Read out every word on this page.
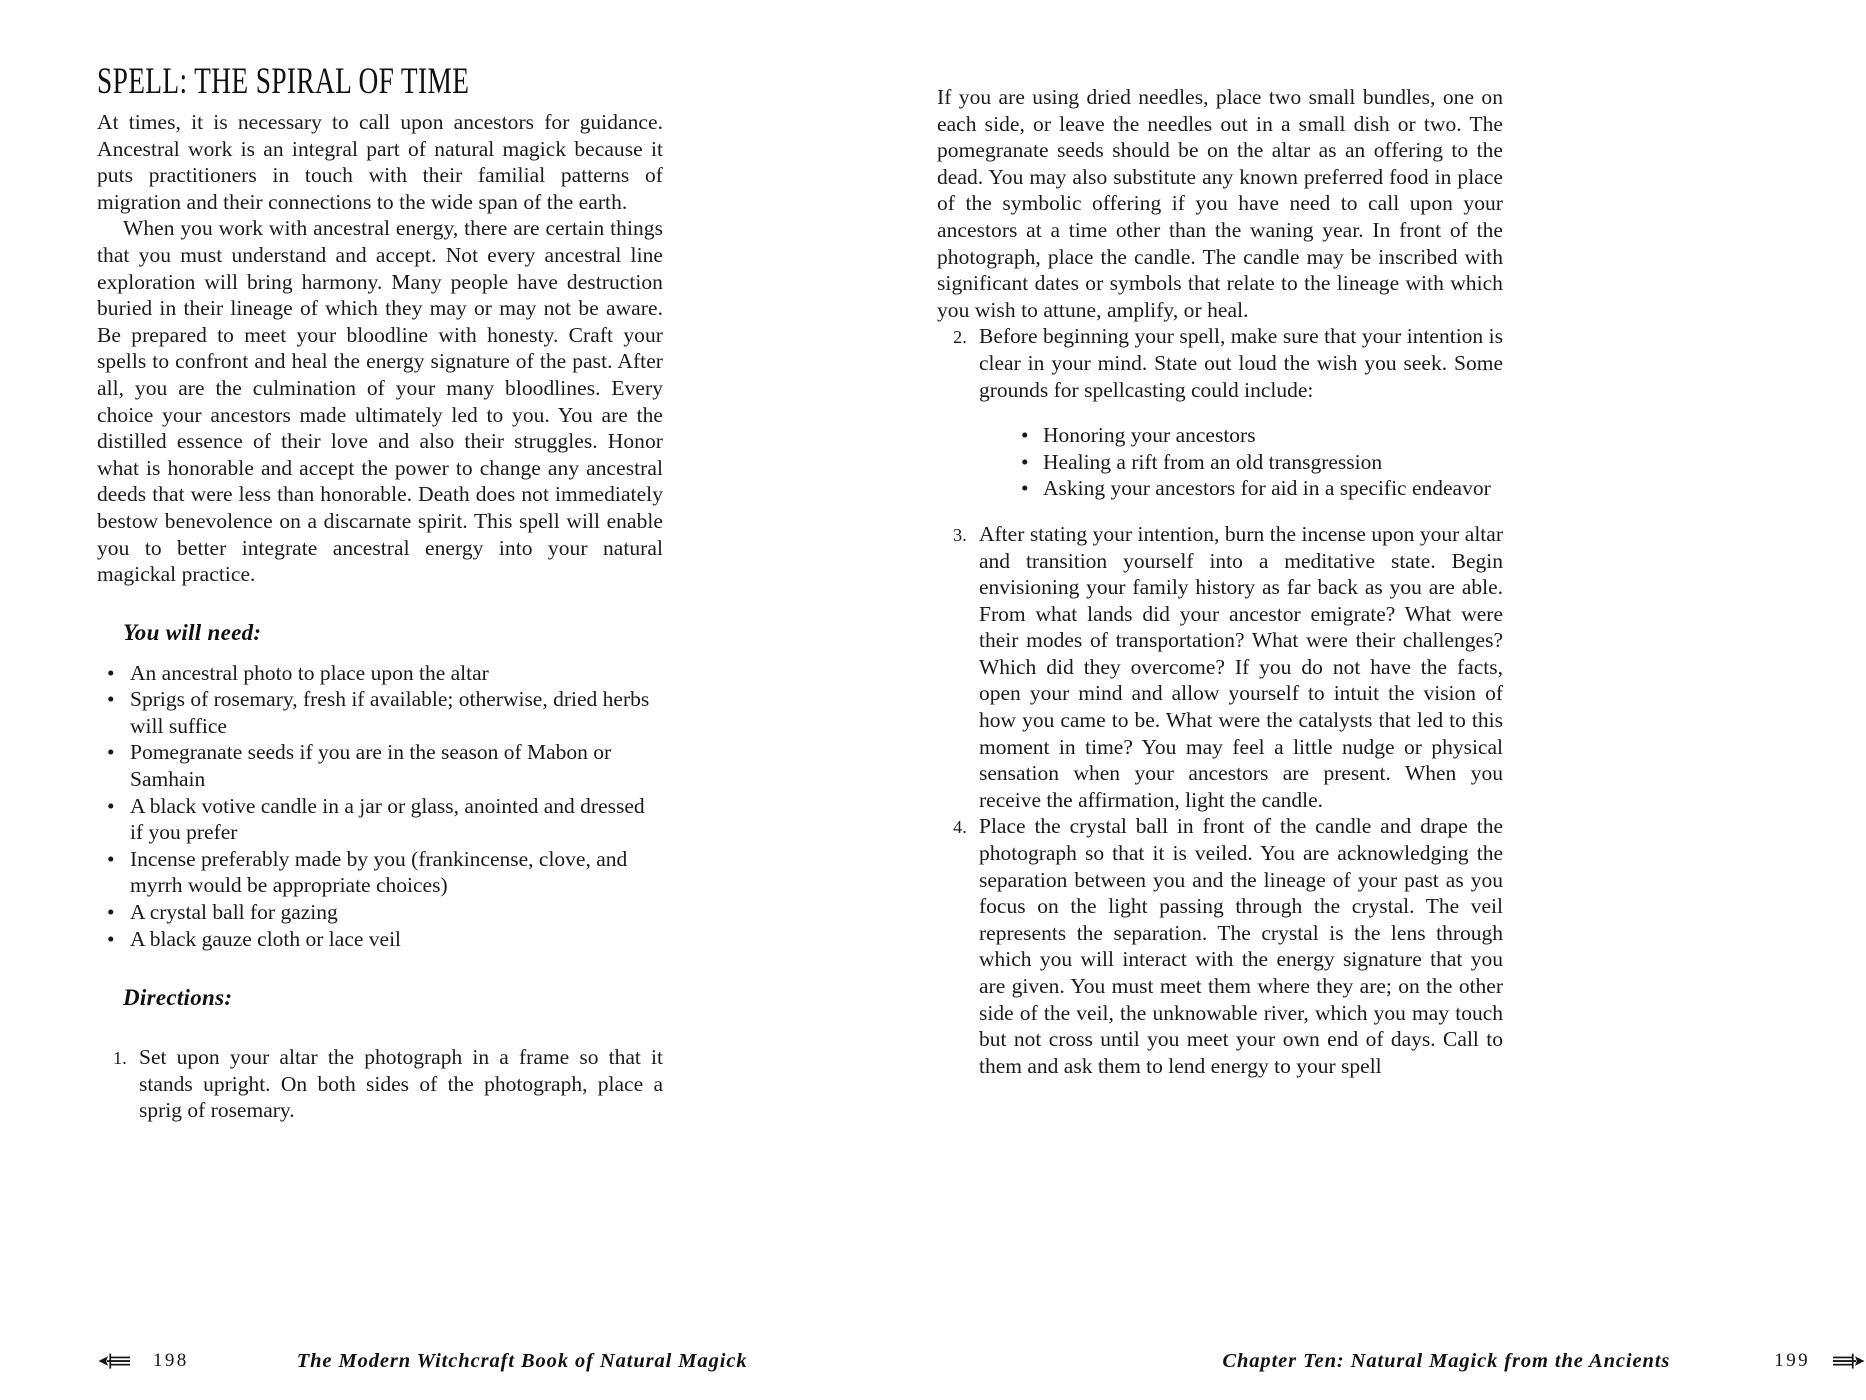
SPELL: THE SPIRAL OF TIME

At times, it is necessary to call upon ancestors for guidance. Ancestral work is an integral part of natural magick because it puts practitioners in touch with their familial patterns of migration and their connections to the wide span of the earth.

When you work with ancestral energy, there are certain things that you must understand and accept. Not every ancestral line exploration will bring harmony. Many people have destruction buried in their lineage of which they may or may not be aware. Be prepared to meet your bloodline with honesty. Craft your spells to confront and heal the energy signature of the past. After all, you are the culmination of your many bloodlines. Every choice your ancestors made ultimately led to you. You are the distilled essence of their love and also their struggles. Honor what is honorable and accept the power to change any ancestral deeds that were less than honorable. Death does not immediately bestow benevolence on a discarnate spirit. This spell will enable you to better integrate ancestral energy into your natural magickal practice.

You will need:
• An ancestral photo to place upon the altar
• Sprigs of rosemary, fresh if available; otherwise, dried herbs will suffice
• Pomegranate seeds if you are in the season of Mabon or Samhain
• A black votive candle in a jar or glass, anointed and dressed if you prefer
• Incense preferably made by you (frankincense, clove, and myrrh would be appropriate choices)
• A crystal ball for gazing
• A black gauze cloth or lace veil
Directions:
1. Set upon your altar the photograph in a frame so that it stands upright. On both sides of the photograph, place a sprig of rosemary.
198	The Modern Witchcraft Book of Natural Magick

If you are using dried needles, place two small bundles, one on each side, or leave the needles out in a small dish or two. The pomegranate seeds should be on the altar as an offering to the dead. You may also substitute any known preferred food in place of the symbolic offering if you have need to call upon your ancestors at a time other than the waning year. In front of the photograph, place the candle. The candle may be inscribed with significant dates or symbols that relate to the lineage with which you wish to attune, amplify, or heal.

2. Before beginning your spell, make sure that your intention is clear in your mind. State out loud the wish you seek. Some grounds for spellcasting could include:
• Honoring your ancestors
• Healing a rift from an old transgression
• Asking your ancestors for aid in a specific endeavor
3. After stating your intention, burn the incense upon your altar and transition yourself into a meditative state. Begin envisioning your family history as far back as you are able. From what lands did your ancestor emigrate? What were their modes of transportation? What were their challenges? Which did they overcome? If you do not have the facts, open your mind and allow yourself to intuit the vision of how you came to be. What were the catalysts that led to this moment in time? You may feel a little nudge or physical sensation when your ancestors are present. When you receive the affirmation, light the candle.
4. Place the crystal ball in front of the candle and drape the photograph so that it is veiled. You are acknowledging the separation between you and the lineage of your past as you focus on the light passing through the crystal. The veil represents the separation. The crystal is the lens through which you will interact with the energy signature that you are given. You must meet them where they are; on the other side of the veil, the unknowable river, which you may touch but not cross until you meet your own end of days. Call to them and ask them to lend energy to your spell
Chapter Ten: Natural Magick from the Ancients	199
